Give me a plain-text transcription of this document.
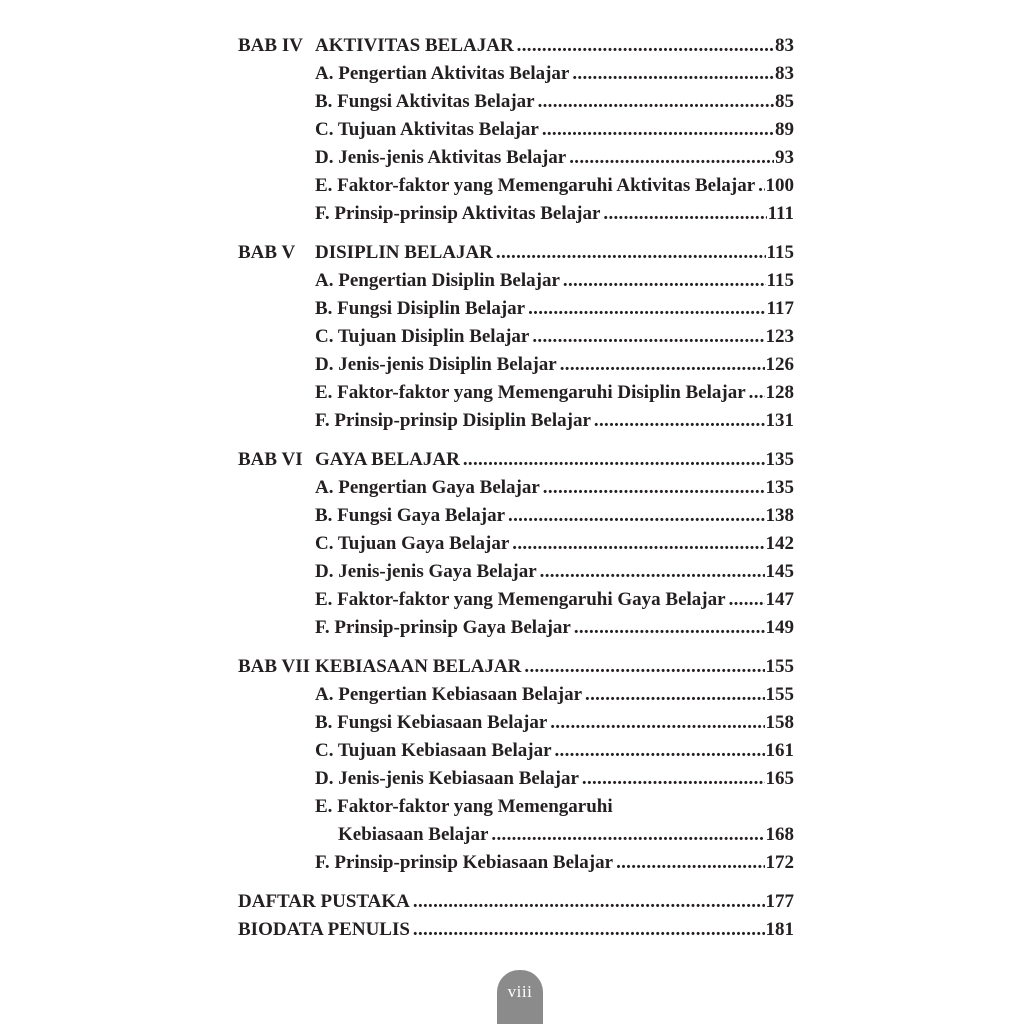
BAB IV AKTIVITAS BELAJAR .....	83
A. Pengertian Aktivitas Belajar .....	83
B. Fungsi Aktivitas Belajar .....	85
C. Tujuan Aktivitas Belajar .....	89
D. Jenis-jenis Aktivitas Belajar .....	93
E. Faktor-faktor yang Memengaruhi Aktivitas Belajar ..... 100
F. Prinsip-prinsip Aktivitas Belajar .....	111
BAB V	DISIPLIN BELAJAR .....	115
A. Pengertian Disiplin Belajar .....	115
B. Fungsi Disiplin Belajar .....	117
C. Tujuan Disiplin Belajar .....	123
D. Jenis-jenis Disiplin Belajar .....	126
E. Faktor-faktor yang Memengaruhi Disiplin Belajar ..... 128
F. Prinsip-prinsip Disiplin Belajar .....	131
BAB VI GAYA BELAJAR .....	135
A. Pengertian Gaya Belajar .....	135
B. Fungsi Gaya Belajar .....	138
C. Tujuan Gaya Belajar .....	142
D. Jenis-jenis Gaya Belajar .....	145
E. Faktor-faktor yang Memengaruhi Gaya Belajar ..... 147
F. Prinsip-prinsip Gaya Belajar .....	149
BAB VII KEBIASAAN BELAJAR .....	155
A. Pengertian Kebiasaan Belajar .....	155
B. Fungsi Kebiasaan Belajar .....	158
C. Tujuan Kebiasaan Belajar .....	161
D. Jenis-jenis Kebiasaan Belajar .....	165
E. Faktor-faktor yang Memengaruhi
Kebiasaan Belajar .....	168
F. Prinsip-prinsip Kebiasaan Belajar .....	172
DAFTAR PUSTAKA .....	177
BIODATA PENULIS .....	181
viii
